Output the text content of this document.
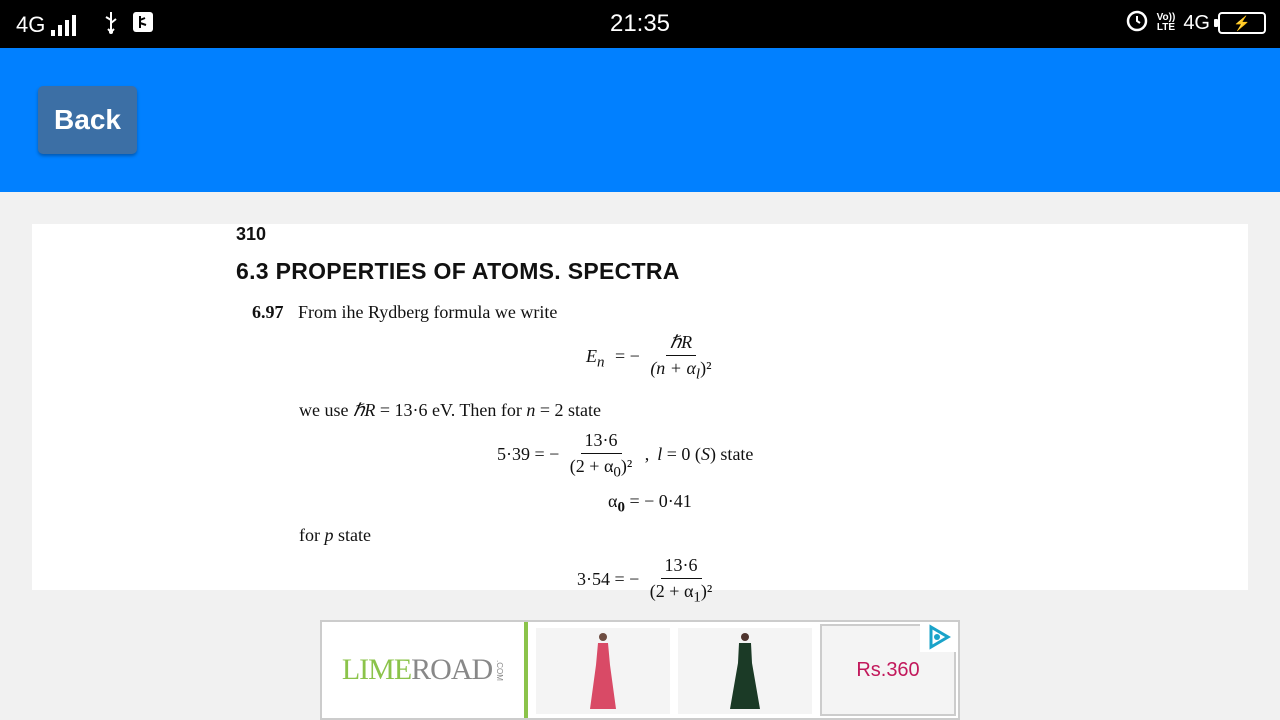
4G	21:35	Vo))
LTE 4G ⚡
Back
310
6.3 PROPERTIES OF ATOMS. SPECTRA
6.97 From ihe Rydberg formula we write
$E_n$ = − $\frac{\text{ℏR}}{(n + \alpha_l)^2}$
we use ℏR = 13·6 eV. Then for n = 2 state
5·39 = − $\frac{13\cdot 6}{(2 + \alpha_0)^2}$ , l = 0 (S) state
$\alpha_0$ = − 0·41
for p state
3·54 = − $\frac{13\cdot 6}{(2 + \alpha_1)^2}$
LIME ROAD .COM	Rs.360
